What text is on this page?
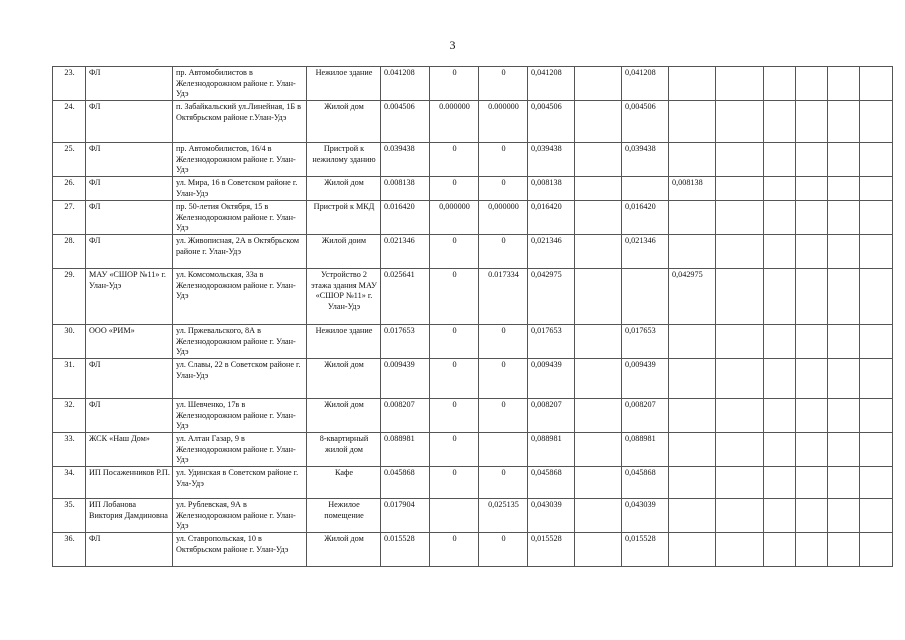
3
23.	ФЛ	пр. Автомобилистов в Железнодорожном районе г. Улан-Удэ	Нежилое здание	0.041208	0	0	0,041208		0,041208						
24.	ФЛ	п. Забайкальский ул.Линейная, 1Б в Октябрьском районе г.Улан-Удэ	Жилой дом	0.004506	0.000000	0.000000	0,004506		0,004506						
25.	ФЛ	пр. Автомобилистов, 16/4 в Железнодорожном районе г. Улан-Удэ	Пристрой к нежилому зданию	0.039438	0	0	0,039438		0,039438						
26.	ФЛ	ул. Мира, 16 в Советском районе г. Улан-Удэ	Жилой дом	0.008138	0	0	0,008138			0,008138					
27.	ФЛ	пр. 50-летия Октября, 15 в Железнодорожном районе г. Улан-Удэ	Пристрой к МКД	0.016420	0,000000	0,000000	0,016420		0,016420						
28.	ФЛ	ул. Живописная, 2А в Октябрьском районе г. Улан-Удэ	Жилой доим	0.021346	0	0	0,021346		0,021346						
29.	МАУ «СШОР №11» г. Улан-Удэ	ул. Комсомольская, 33а в Железнодорожном районе г. Улан-Удэ	Устройство 2 этажа здания МАУ «СШОР №11» г. Улан-Удэ	0.025641	0	0.017334	0,042975			0,042975					
30.	ООО «РИМ»	ул. Пржевальского, 8А в Железнодорожном районе г. Улан-Удэ	Нежилое здание	0.017653	0	0	0,017653		0,017653						
31.	ФЛ	ул. Славы, 22 в Советском районе г. Улан-Удэ	Жилой дом	0.009439	0	0	0,009439		0,009439						
32.	ФЛ	ул. Шевченко, 17в в Железнодорожном районе г. Улан-Удэ	Жилой дом	0.008207	0	0	0,008207		0,008207						
33.	ЖСК «Наш Дом»	ул. Алтан Газар, 9 в Железнодорожном районе г. Улан-Удэ	8-квартирный жилой дом	0.088981	0		0,088981		0,088981						
34.	ИП Посаженников Р.П.	ул. Удинская в Советском районе г. Ула-Удэ	Кафе	0.045868	0	0	0,045868		0,045868						
35.	ИП Лобанова Виктория Дамдиновна	ул. Рублевская, 9А в Железнодорожном районе г. Улан-Удэ	Нежилое помещение	0.017904		0,025135	0,043039		0,043039						
36.	ФЛ	ул. Ставропольская, 10 в Октябрьском районе г. Улан-Удэ	Жилой дом	0.015528	0	0	0,015528		0,015528						
